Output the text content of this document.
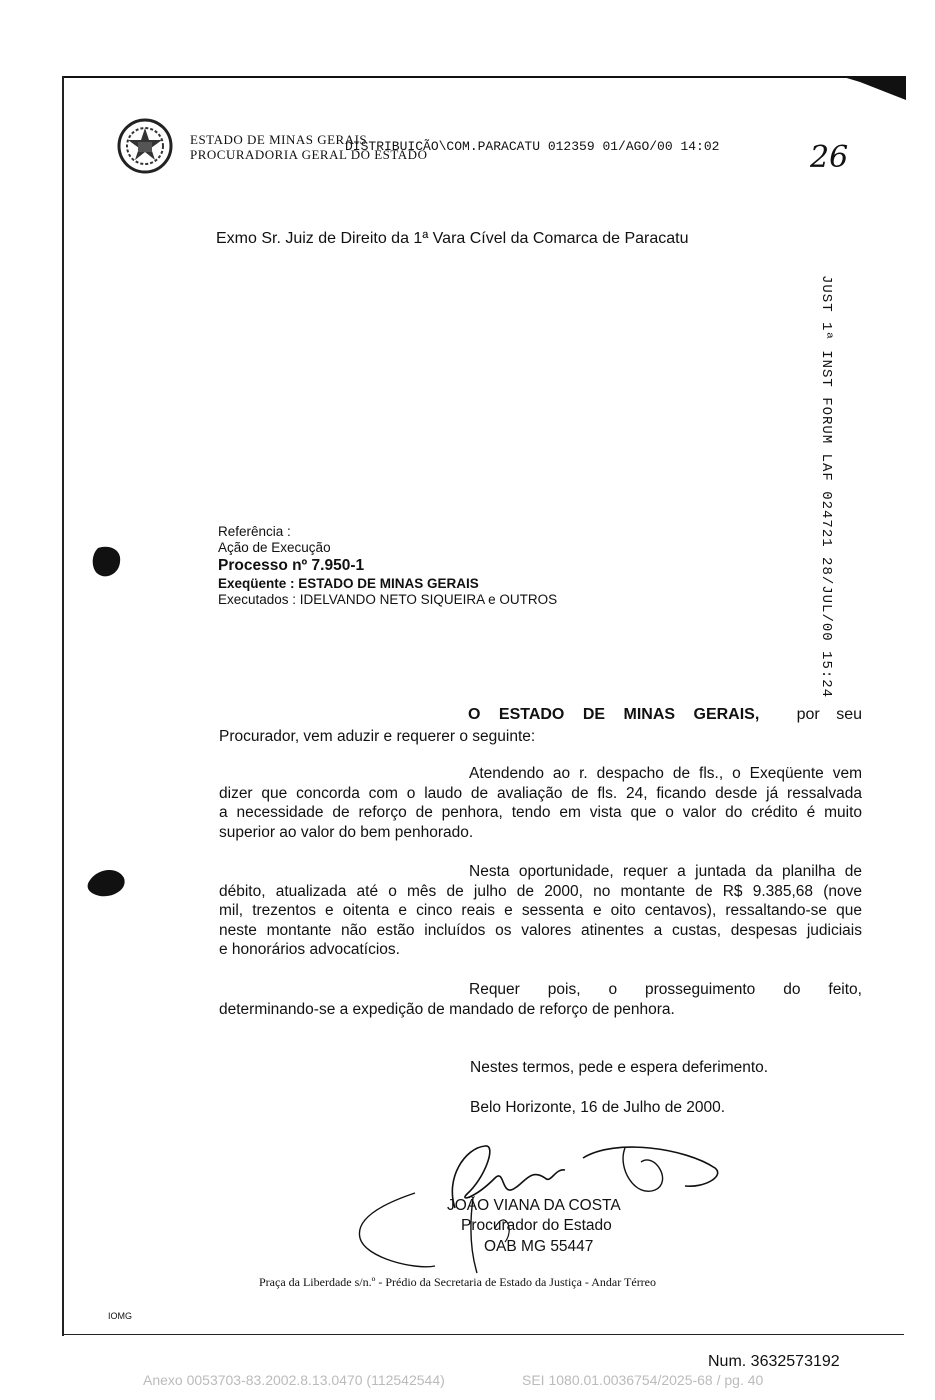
ESTADO DE MINAS GERAIS
PROCURADORIA GERAL DO ESTADO
DISTRIBUICÃO\COM.PARACATU 012359 01/AGO/00 14:02	26
JUST 1ª INST FORUM LAF 024721 28/JUL/00 15:24
Exmo Sr. Juiz de Direito da 1ª Vara Cível da Comarca de Paracatu
Referência :
Ação de Execução
Processo nº 7.950-1
Exeqüente : ESTADO DE MINAS GERAIS
Executados : IDELVANDO NETO SIQUEIRA e OUTROS
O ESTADO DE MINAS GERAIS, por seu
Procurador, vem aduzir e requerer o seguinte:
Atendendo ao r. despacho de fls., o Exeqüente vem
dizer que concorda com o laudo de avaliação de fls. 24, ficando desde já ressalvada
a necessidade de reforço de penhora, tendo em vista que o valor do crédito é muito
superior ao valor do bem penhorado.
Nesta oportunidade, requer a juntada da planilha de
débito, atualizada até o mês de julho de 2000, no montante de R$ 9.385,68 (nove
mil, trezentos e oitenta e cinco reais e sessenta e oito centavos), ressaltando-se que
neste montante não estão incluídos os valores atinentes a custas, despesas judiciais
e honorários advocatícios.
Requer pois, o prosseguimento do feito,
determinando-se a expedição de mandado de reforço de penhora.
Nestes termos, pede e espera deferimento.
Belo Horizonte, 16 de Julho de 2000.
JOÃO VIANA DA COSTA
Procurador do Estado
OAB MG 55447
Praça da Liberdade s/n.º - Prédio da Secretaria de Estado da Justiça - Andar Térreo
IOMG
Num. 3632573192
Anexo 0053703-83.2002.8.13.0470 (112542544)	SEI 1080.01.0036754/2025-68 / pg. 40
